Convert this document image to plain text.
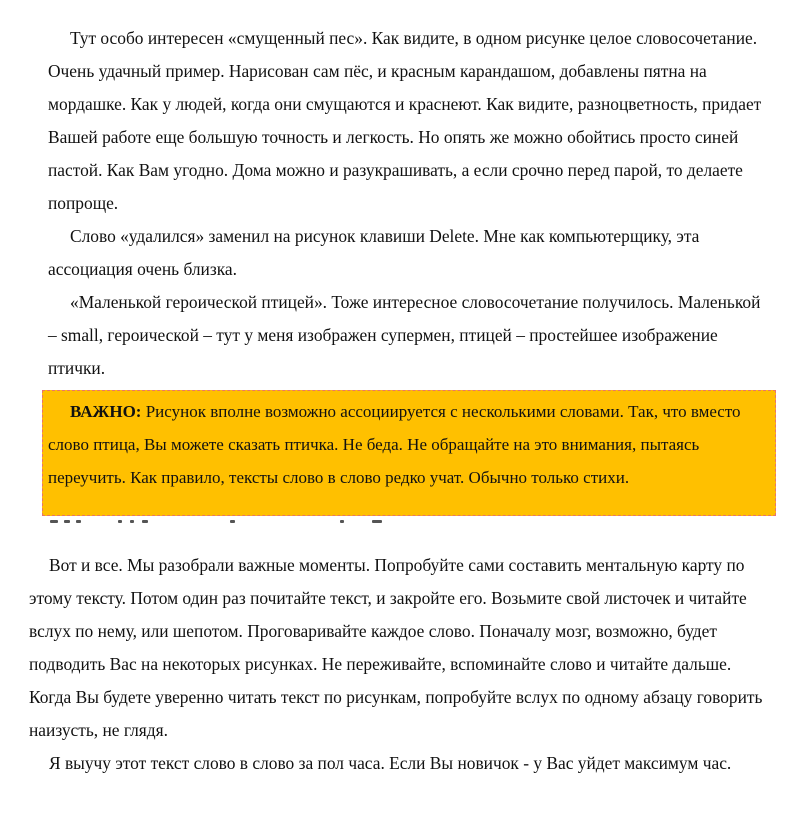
Тут особо интересен «смущенный пес». Как видите, в одном рисунке целое словосочетание. Очень удачный пример. Нарисован сам пёс, и красным карандашом, добавлены пятна на мордашке. Как у людей, когда они смущаются и краснеют. Как видите, разноцветность, придает Вашей работе еще большую точность и легкость. Но опять же можно обойтись просто синей пастой. Как Вам угодно. Дома можно и разукрашивать, а если срочно перед парой, то делаете попроще.

Слово «удалился» заменил на рисунок клавиши Delete. Мне как компьютерщику, эта ассоциация очень близка.

«Маленькой героической птицей». Тоже интересное словосочетание получилось. Маленькой – small, героической – тут у меня изображен супермен, птицей – простейшее изображение птички.

ВАЖНО: Рисунок вполне возможно ассоциируется с несколькими словами. Так, что вместо слово птица, Вы можете сказать птичка. Не беда. Не обращайте на это внимания, пытаясь переучить. Как правило, тексты слово в слово редко учат. Обычно только стихи.

Вот и все. Мы разобрали важные моменты. Попробуйте сами составить ментальную карту по этому тексту. Потом один раз почитайте текст, и закройте его. Возьмите свой листочек и читайте вслух по нему, или шепотом. Проговаривайте каждое слово. Поначалу мозг, возможно, будет подводить Вас на некоторых рисунках. Не переживайте, вспоминайте слово и читайте дальше. Когда Вы будете уверенно читать текст по рисункам, попробуйте вслух по одному абзацу говорить наизусть, не глядя.

Я выучу этот текст слово в слово за пол часа. Если Вы новичок - у Вас уйдет максимум час.
